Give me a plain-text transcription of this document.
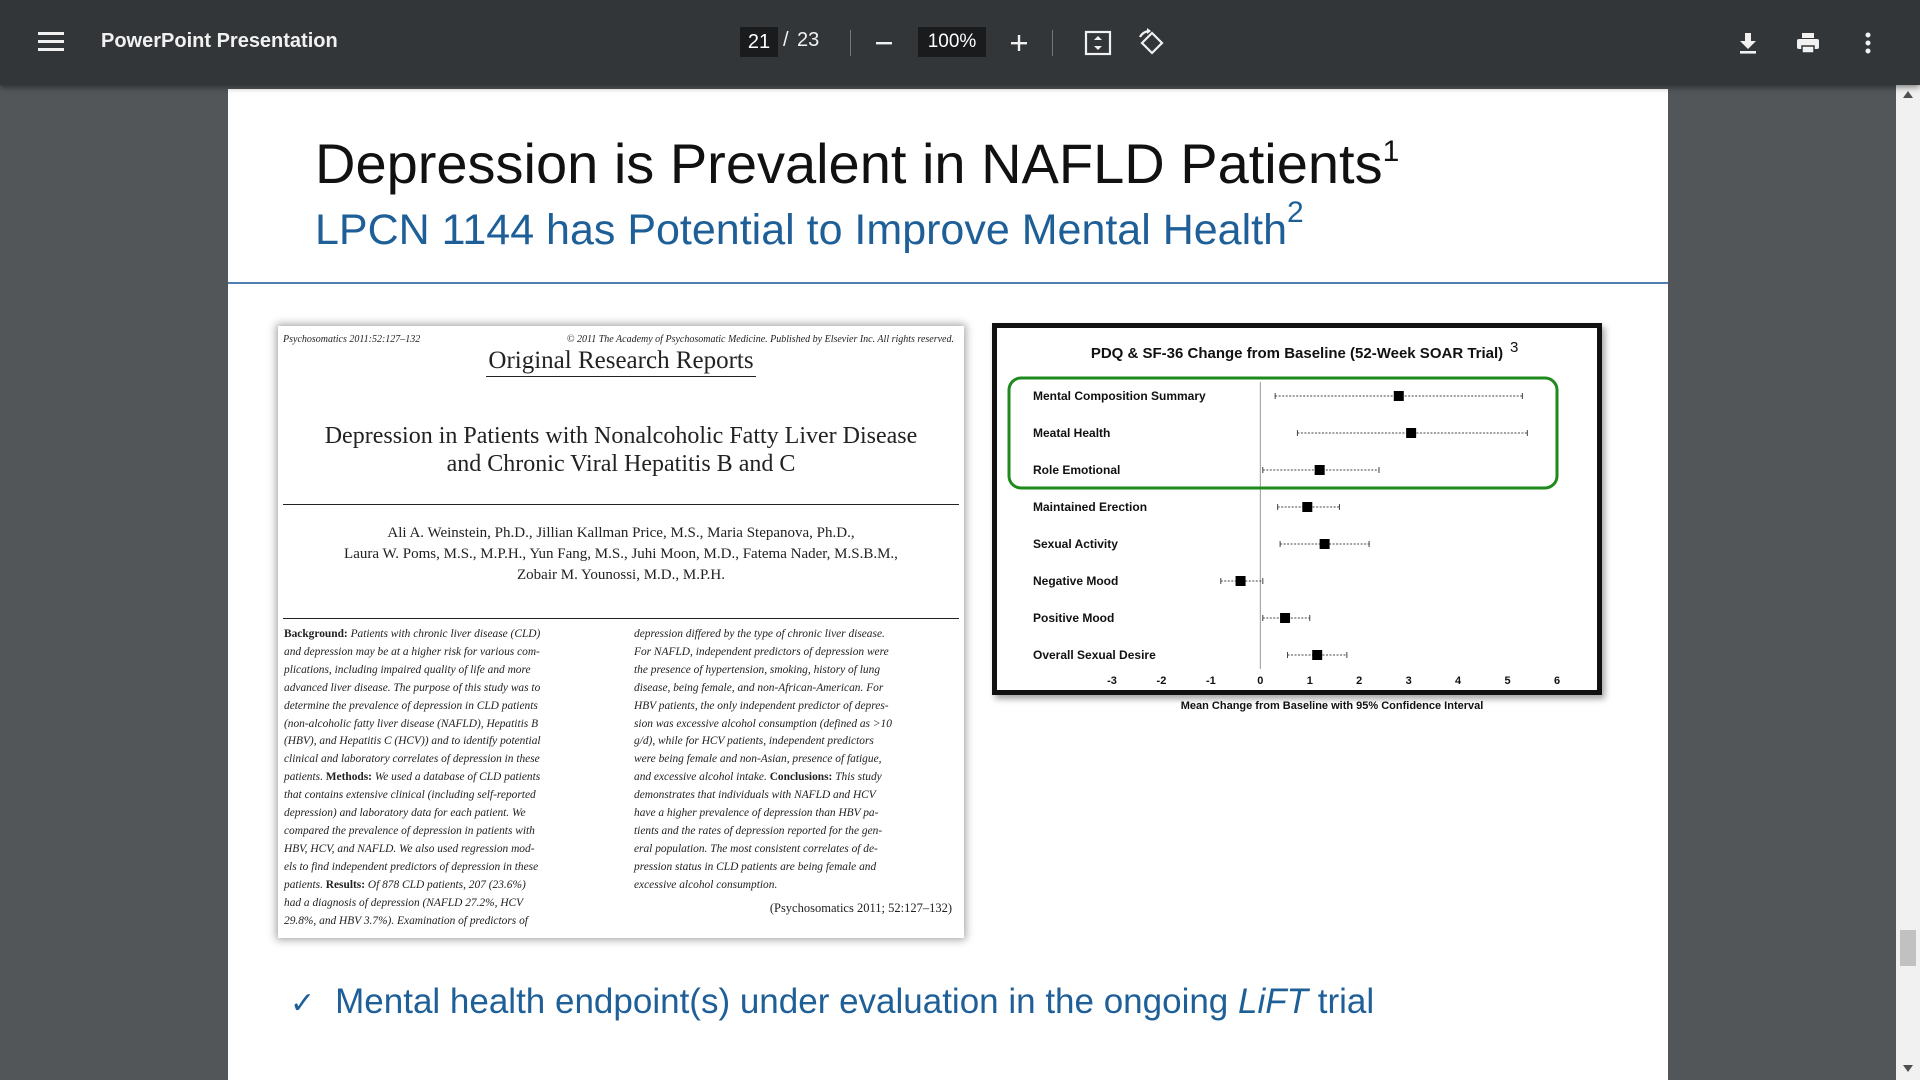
PowerPoint Presentation	21 / 23	100%
Depression is Prevalent in NAFLD Patients$^1$
LPCN 1144 has Potential to Improve Mental Health$^2$
Psychosomatics 2011:52:127–132	© 2011 The Academy of Psychosomatic Medicine. Published by Elsevier Inc. All rights reserved.
Original Research Reports
Depression in Patients with Nonalcoholic Fatty Liver Disease
and Chronic Viral Hepatitis B and C
Ali A. Weinstein, Ph.D., Jillian Kallman Price, M.S., Maria Stepanova, Ph.D.,
Laura W. Poms, M.S., M.P.H., Yun Fang, M.S., Juhi Moon, M.D., Fatema Nader, M.S.B.M.,
Zobair M. Younossi, M.D., M.P.H.
Background: Patients with chronic liver disease (CLD)
and depression may be at a higher risk for various com-
plications, including impaired quality of life and more
advanced liver disease. The purpose of this study was to
determine the prevalence of depression in CLD patients
(non-alcoholic fatty liver disease (NAFLD), Hepatitis B
(HBV), and Hepatitis C (HCV)) and to identify potential
clinical and laboratory correlates of depression in these
patients. Methods: We used a database of CLD patients
that contains extensive clinical (including self-reported
depression) and laboratory data for each patient. We
compared the prevalence of depression in patients with
HBV, HCV, and NAFLD. We also used regression mod-
els to find independent predictors of depression in these
patients. Results: Of 878 CLD patients, 207 (23.6%)
had a diagnosis of depression (NAFLD 27.2%, HCV
29.8%, and HBV 3.7%). Examination of predictors of
depression differed by the type of chronic liver disease.
For NAFLD, independent predictors of depression were
the presence of hypertension, smoking, history of lung
disease, being female, and non-African-American. For
HBV patients, the only independent predictor of depres-
sion was excessive alcohol consumption (defined as >10
g/d), while for HCV patients, independent predictors
were being female and non-Asian, presence of fatigue,
and excessive alcohol intake. Conclusions: This study
demonstrates that individuals with NAFLD and HCV
have a higher prevalence of depression than HBV pa-
tients and the rates of depression reported for the gen-
eral population. The most consistent correlates of de-
pression status in CLD patients are being female and
excessive alcohol consumption.
(Psychosomatics 2011; 52:127–132)
PDQ & SF-36 Change from Baseline (52-Week SOAR Trial) 3
Mental Composition Summary
Meatal Health
Role Emotional
Maintained Erection
Sexual Activity
Negative Mood
Positive Mood
Overall Sexual Desire
-3	-2	-1	0	1	2	3	4	5	6
Mean Change from Baseline with 95% Confidence Interval
✓ Mental health endpoint(s) under evaluation in the ongoing LiFT trial
